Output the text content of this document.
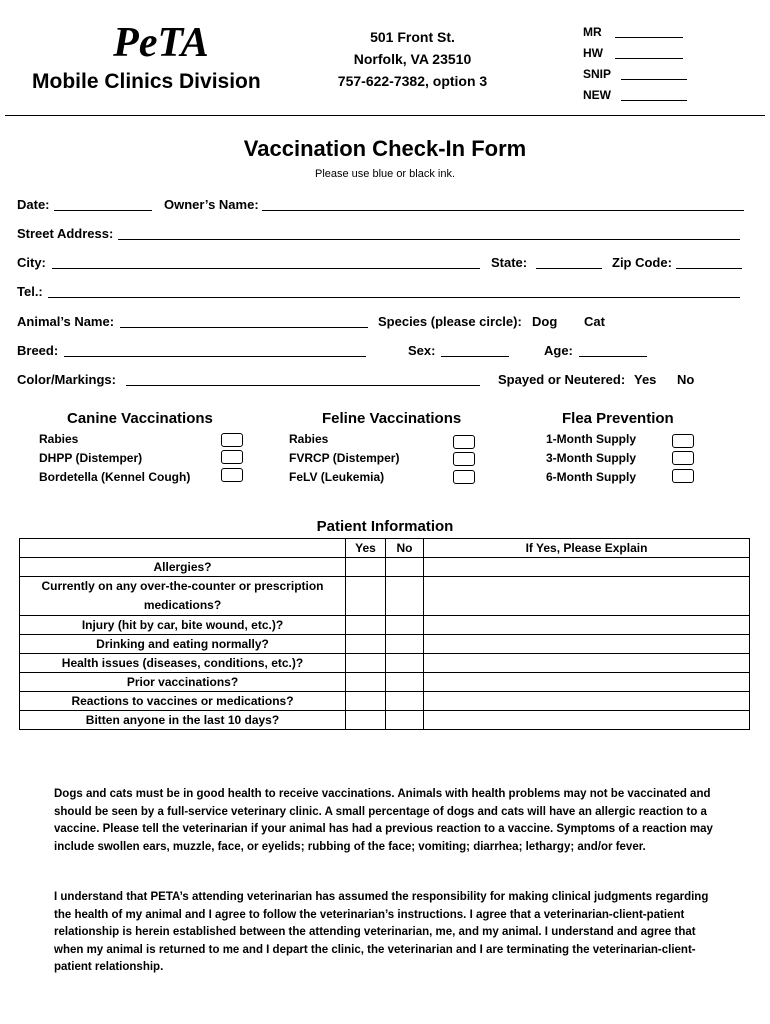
PeTA
Mobile Clinics Division
501 Front St.
Norfolk, VA 23510
757-622-7382, option 3
MR
HW
SNIP
NEW
Vaccination Check-In Form
Please use blue or black ink.
Date:	Owner’s Name:
Street Address:
City:	State:	Zip Code:
Tel.:
Animal’s Name:	Species (please circle): Dog Cat
Breed:	Sex:	Age:
Color/Markings:	Spayed or Neutered: Yes No
Canine Vaccinations
Rabies
DHPP (Distemper)
Bordetella (Kennel Cough)
Feline Vaccinations
Rabies
FVRCP (Distemper)
FeLV (Leukemia)
Flea Prevention
1-Month Supply
3-Month Supply
6-Month Supply
Patient Information
	Yes	No	If Yes, Please Explain
Allergies?			
Currently on any over-the-counter or prescription medications?			
Injury (hit by car, bite wound, etc.)?			
Drinking and eating normally?			
Health issues (diseases, conditions, etc.)?			
Prior vaccinations?			
Reactions to vaccines or medications?			
Bitten anyone in the last 10 days?			
Dogs and cats must be in good health to receive vaccinations. Animals with health problems may not be vaccinated and should be seen by a full-service veterinary clinic. A small percentage of dogs and cats will have an allergic reaction to a vaccine. Please tell the veterinarian if your animal has had a previous reaction to a vaccine. Symptoms of a reaction may include swollen ears, muzzle, face, or eyelids; rubbing of the face; vomiting; diarrhea; lethargy; and/or fever.
I understand that PETA’s attending veterinarian has assumed the responsibility for making clinical judgments regarding the health of my animal and I agree to follow the veterinarian’s instructions. I agree that a veterinarian-client-patient relationship is herein established between the attending veterinarian, me, and my animal. I understand and agree that when my animal is returned to me and I depart the clinic, the veterinarian and I are terminating the veterinarian-client-patient relationship.
